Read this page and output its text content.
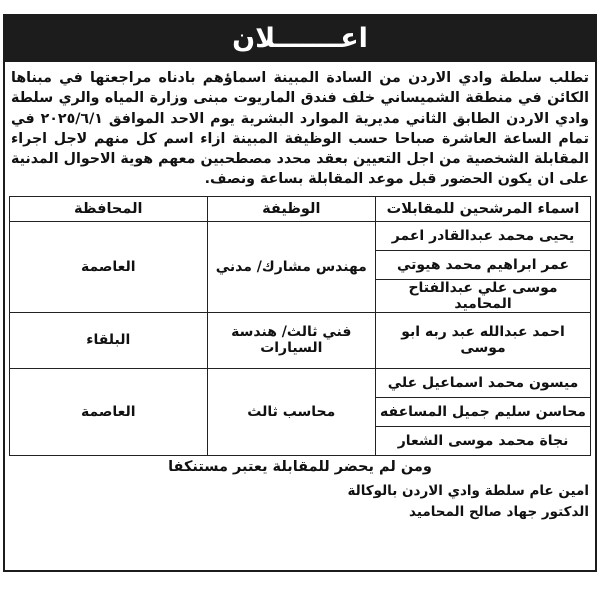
اعـــــــلان

تطلب سلطة وادي الاردن من السادة المبينة اسماؤهم بادناه مراجعتها في مبناها الكائن في منطقة الشميساني خلف فندق الماريوت مبنى وزارة المياه والري سلطة وادي الاردن الطابق الثاني مديرية الموارد البشرية يوم الاحد الموافق ٢٠٢٥/٦/١ في تمام الساعة العاشرة صباحا حسب الوظيفة المبينة ازاء اسم كل منهم لاجل اجراء المقابلة الشخصية من اجل التعيين بعقد محدد مصطحبين معهم هوية الاحوال المدنية على ان يكون الحضور قبل موعد المقابلة بساعة ونصف.

اسماء المرشحين للمقابلات	الوظيفة	المحافظة
يحيى محمد عبدالقادر اعمر	مهندس مشارك/ مدني	العاصمة
عمر ابراهيم محمد هيوتي		
موسى علي عبدالفتاح المحاميد		
احمد عبدالله عبد ربه ابو موسى	فني ثالث/ هندسة السيارات	البلقاء
ميسون محمد اسماعيل علي	محاسب ثالث	العاصمة
محاسن سليم جميل المساعفه		
نجاة محمد موسى الشعار		
ومن لم يحضر للمقابلة يعتبر مستنكفا
امين عام سلطة وادي الاردن بالوكالة
الدكتور جهاد صالح المحاميد
